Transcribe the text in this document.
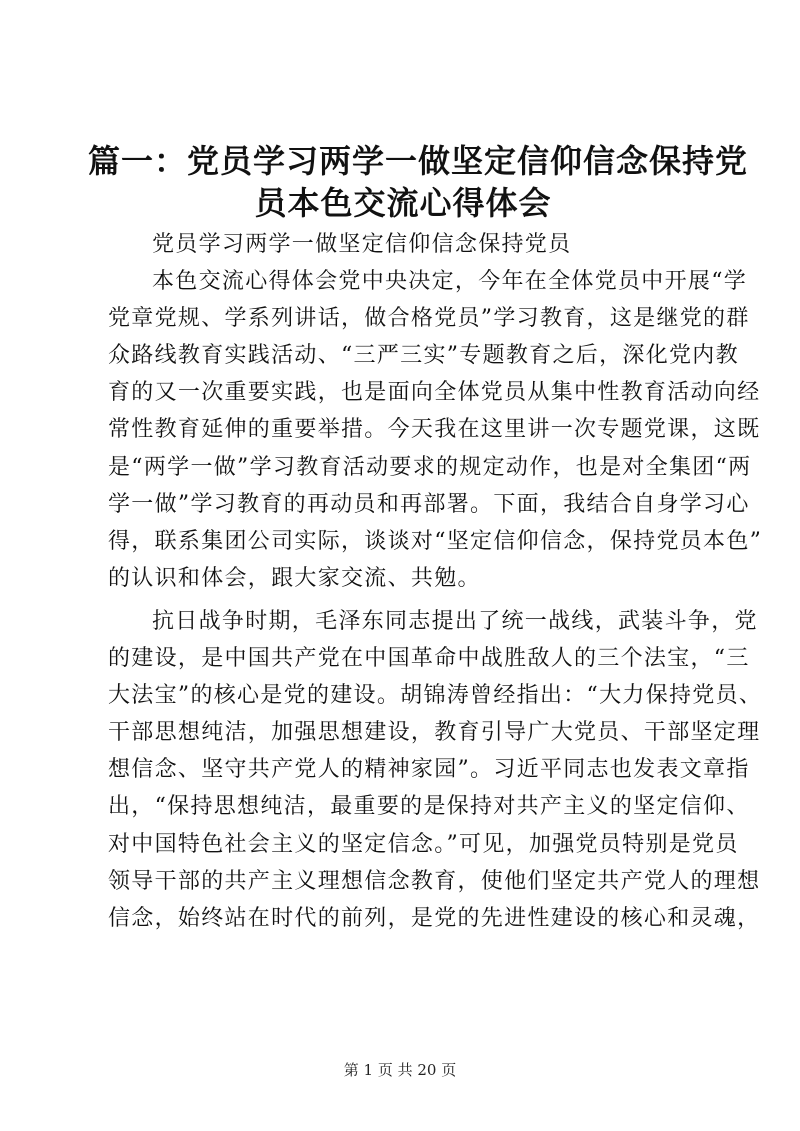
篇一：党员学习两学一做坚定信仰信念保持党
员本色交流心得体会
党员学习两学一做坚定信仰信念保持党员
本色交流心得体会党中央决定，今年在全体党员中开展“学
党章党规、学系列讲话，做合格党员”学习教育，这是继党的群
众路线教育实践活动、“三严三实”专题教育之后，深化党内教
育的又一次重要实践，也是面向全体党员从集中性教育活动向经
常性教育延伸的重要举措。今天我在这里讲一次专题党课，这既
是“两学一做”学习教育活动要求的规定动作，也是对全集团“两
学一做”学习教育的再动员和再部署。下面，我结合自身学习心
得，联系集团公司实际，谈谈对“坚定信仰信念，保持党员本色”
的认识和体会，跟大家交流、共勉。
抗日战争时期，毛泽东同志提出了统一战线，武装斗争，党
的建设，是中国共产党在中国革命中战胜敌人的三个法宝，“三
大法宝”的核心是党的建设。胡锦涛曾经指出：“大力保持党员、
干部思想纯洁，加强思想建设，教育引导广大党员、干部坚定理
想信念、坚守共产党人的精神家园”。习近平同志也发表文章指
出，“保持思想纯洁，最重要的是保持对共产主义的坚定信仰、
对中国特色社会主义的坚定信念。”可见，加强党员特别是党员
领导干部的共产主义理想信念教育，使他们坚定共产党人的理想
信念，始终站在时代的前列，是党的先进性建设的核心和灵魂，
第 1 页 共 20 页
